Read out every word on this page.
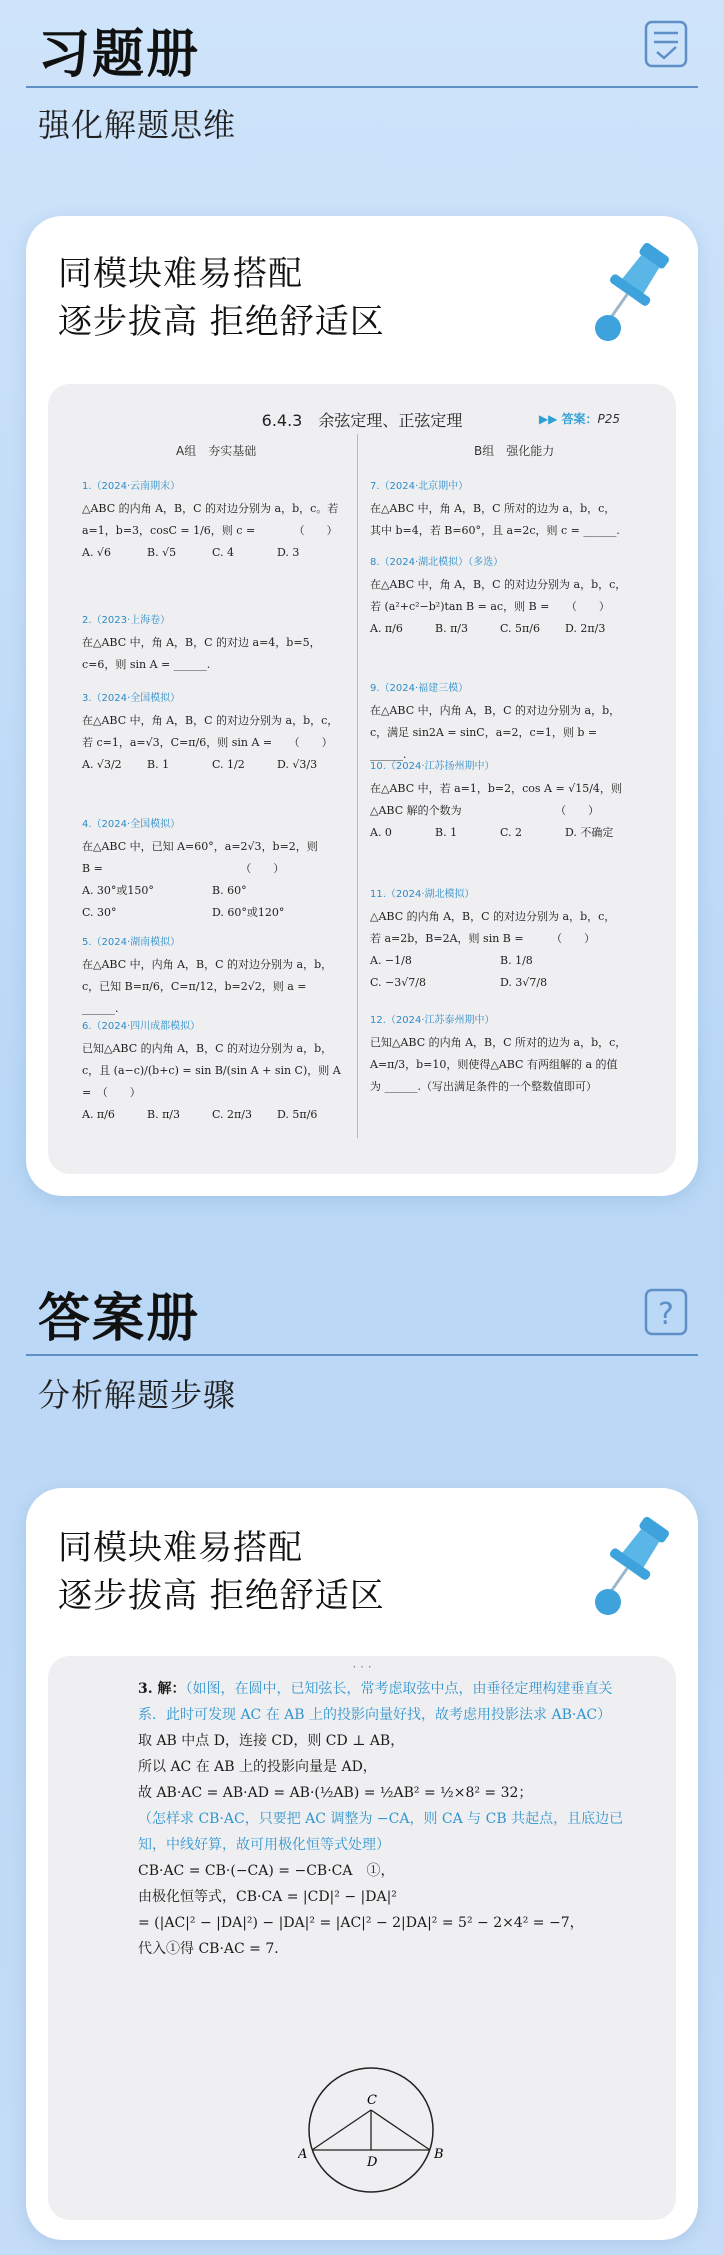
习题册
强化解题思维
同模块难易搭配
逐步拔高 拒绝舒适区
6.4.3　余弦定理、正弦定理	▶▶ 答案：P25
A组　夯实基础	B组　强化能力
1.（2024·云南期末）
△ABC 的内角 A，B，C 的对边分别为 a，b，c。若
a=1，b=3，cosC = 1/6，则 c =　　　　（　　）
A. √6	B. √5	C. 4	D. 3
2.（2023·上海卷）
在△ABC 中，角 A，B，C 的对边 a=4，b=5，
c=6，则 sin A = ______.
3.（2024·全国模拟）
在△ABC 中，角 A，B，C 的对边分别为 a，b，c，
若 c=1，a=√3，C=π/6，则 sin A =　　（　　）
A. √3/2	B. 1	C. 1/2	D. √3/3
4.（2024·全国模拟）
在△ABC 中，已知 A=60°，a=2√3，b=2，则
B =　　　　　　　　　　　　　（　　）
A. 30°或150°	B. 60°
C. 30°	D. 60°或120°
5.（2024·湖南模拟）
在△ABC 中，内角 A，B，C 的对边分别为 a，b，
c，已知 B=π/6，C=π/12，b=2√2，则 a = ______.
6.（2024·四川成都模拟）
已知△ABC 的内角 A，B，C 的对边分别为 a，b，
c，且 (a−c)/(b+c) = sin B/(sin A + sin C)，则 A =　（　　）
A. π/6	B. π/3	C. 2π/3	D. 5π/6
7.（2024·北京期中）
在△ABC 中，角 A，B，C 所对的边为 a，b，c，
其中 b=4，若 B=60°，且 a=2c，则 c = ______.
8.（2024·湖北模拟）（多选）
在△ABC 中，角 A，B，C 的对边分别为 a，b，c，
若 (a²+c²−b²)tan B = ac，则 B =　　（　　）
A. π/6	B. π/3	C. 5π/6	D. 2π/3
9.（2024·福建三模）
在△ABC 中，内角 A，B，C 的对边分别为 a，b，
c，满足 sin2A = sinC，a=2，c=1，则 b = ______.
10.（2024·江苏扬州期中）
在△ABC 中，若 a=1，b=2，cos A = √15/4，则
△ABC 解的个数为　　　　　　　　　（　　）
A. 0	B. 1	C. 2	D. 不确定
11.（2024·湖北模拟）
△ABC 的内角 A，B，C 的对边分别为 a，b，c，
若 a=2b，B=2A，则 sin B =　　　（　　）
A. −1/8	B. 1/8
C. −3√7/8	D. 3√7/8
12.（2024·江苏泰州期中）
已知△ABC 的内角 A，B，C 所对的边为 a，b，c，
A=π/3，b=10，则使得△ABC 有两组解的 a 的值
为 ______.（写出满足条件的一个整数值即可）
答案册	?
分析解题步骤
同模块难易搭配
逐步拔高 拒绝舒适区
· · ·
3. 解：（如图，在圆中，已知弦长，常考虑取弦中点，由垂径定理构建垂直关系．此时可发现 AC 在 AB 上的投影向量好找，故考虑用投影法求 AB·AC）
取 AB 中点 D，连接 CD，则 CD ⊥ AB，
所以 AC 在 AB 上的投影向量是 AD，
故 AB·AC = AB·AD = AB·(½AB) = ½AB² = ½×8² = 32；
（怎样求 CB·AC，只要把 AC 调整为 −CA，则 CA 与 CB 共起点，且底边已知，中线好算，故可用极化恒等式处理）
CB·AC = CB·(−CA) = −CB·CA　①，
由极化恒等式，CB·CA = |CD|² − |DA|²
= (|AC|² − |DA|²) − |DA|² = |AC|² − 2|DA|² = 5² − 2×4² = −7，
代入①得 CB·AC = 7．
C
A	B
D
